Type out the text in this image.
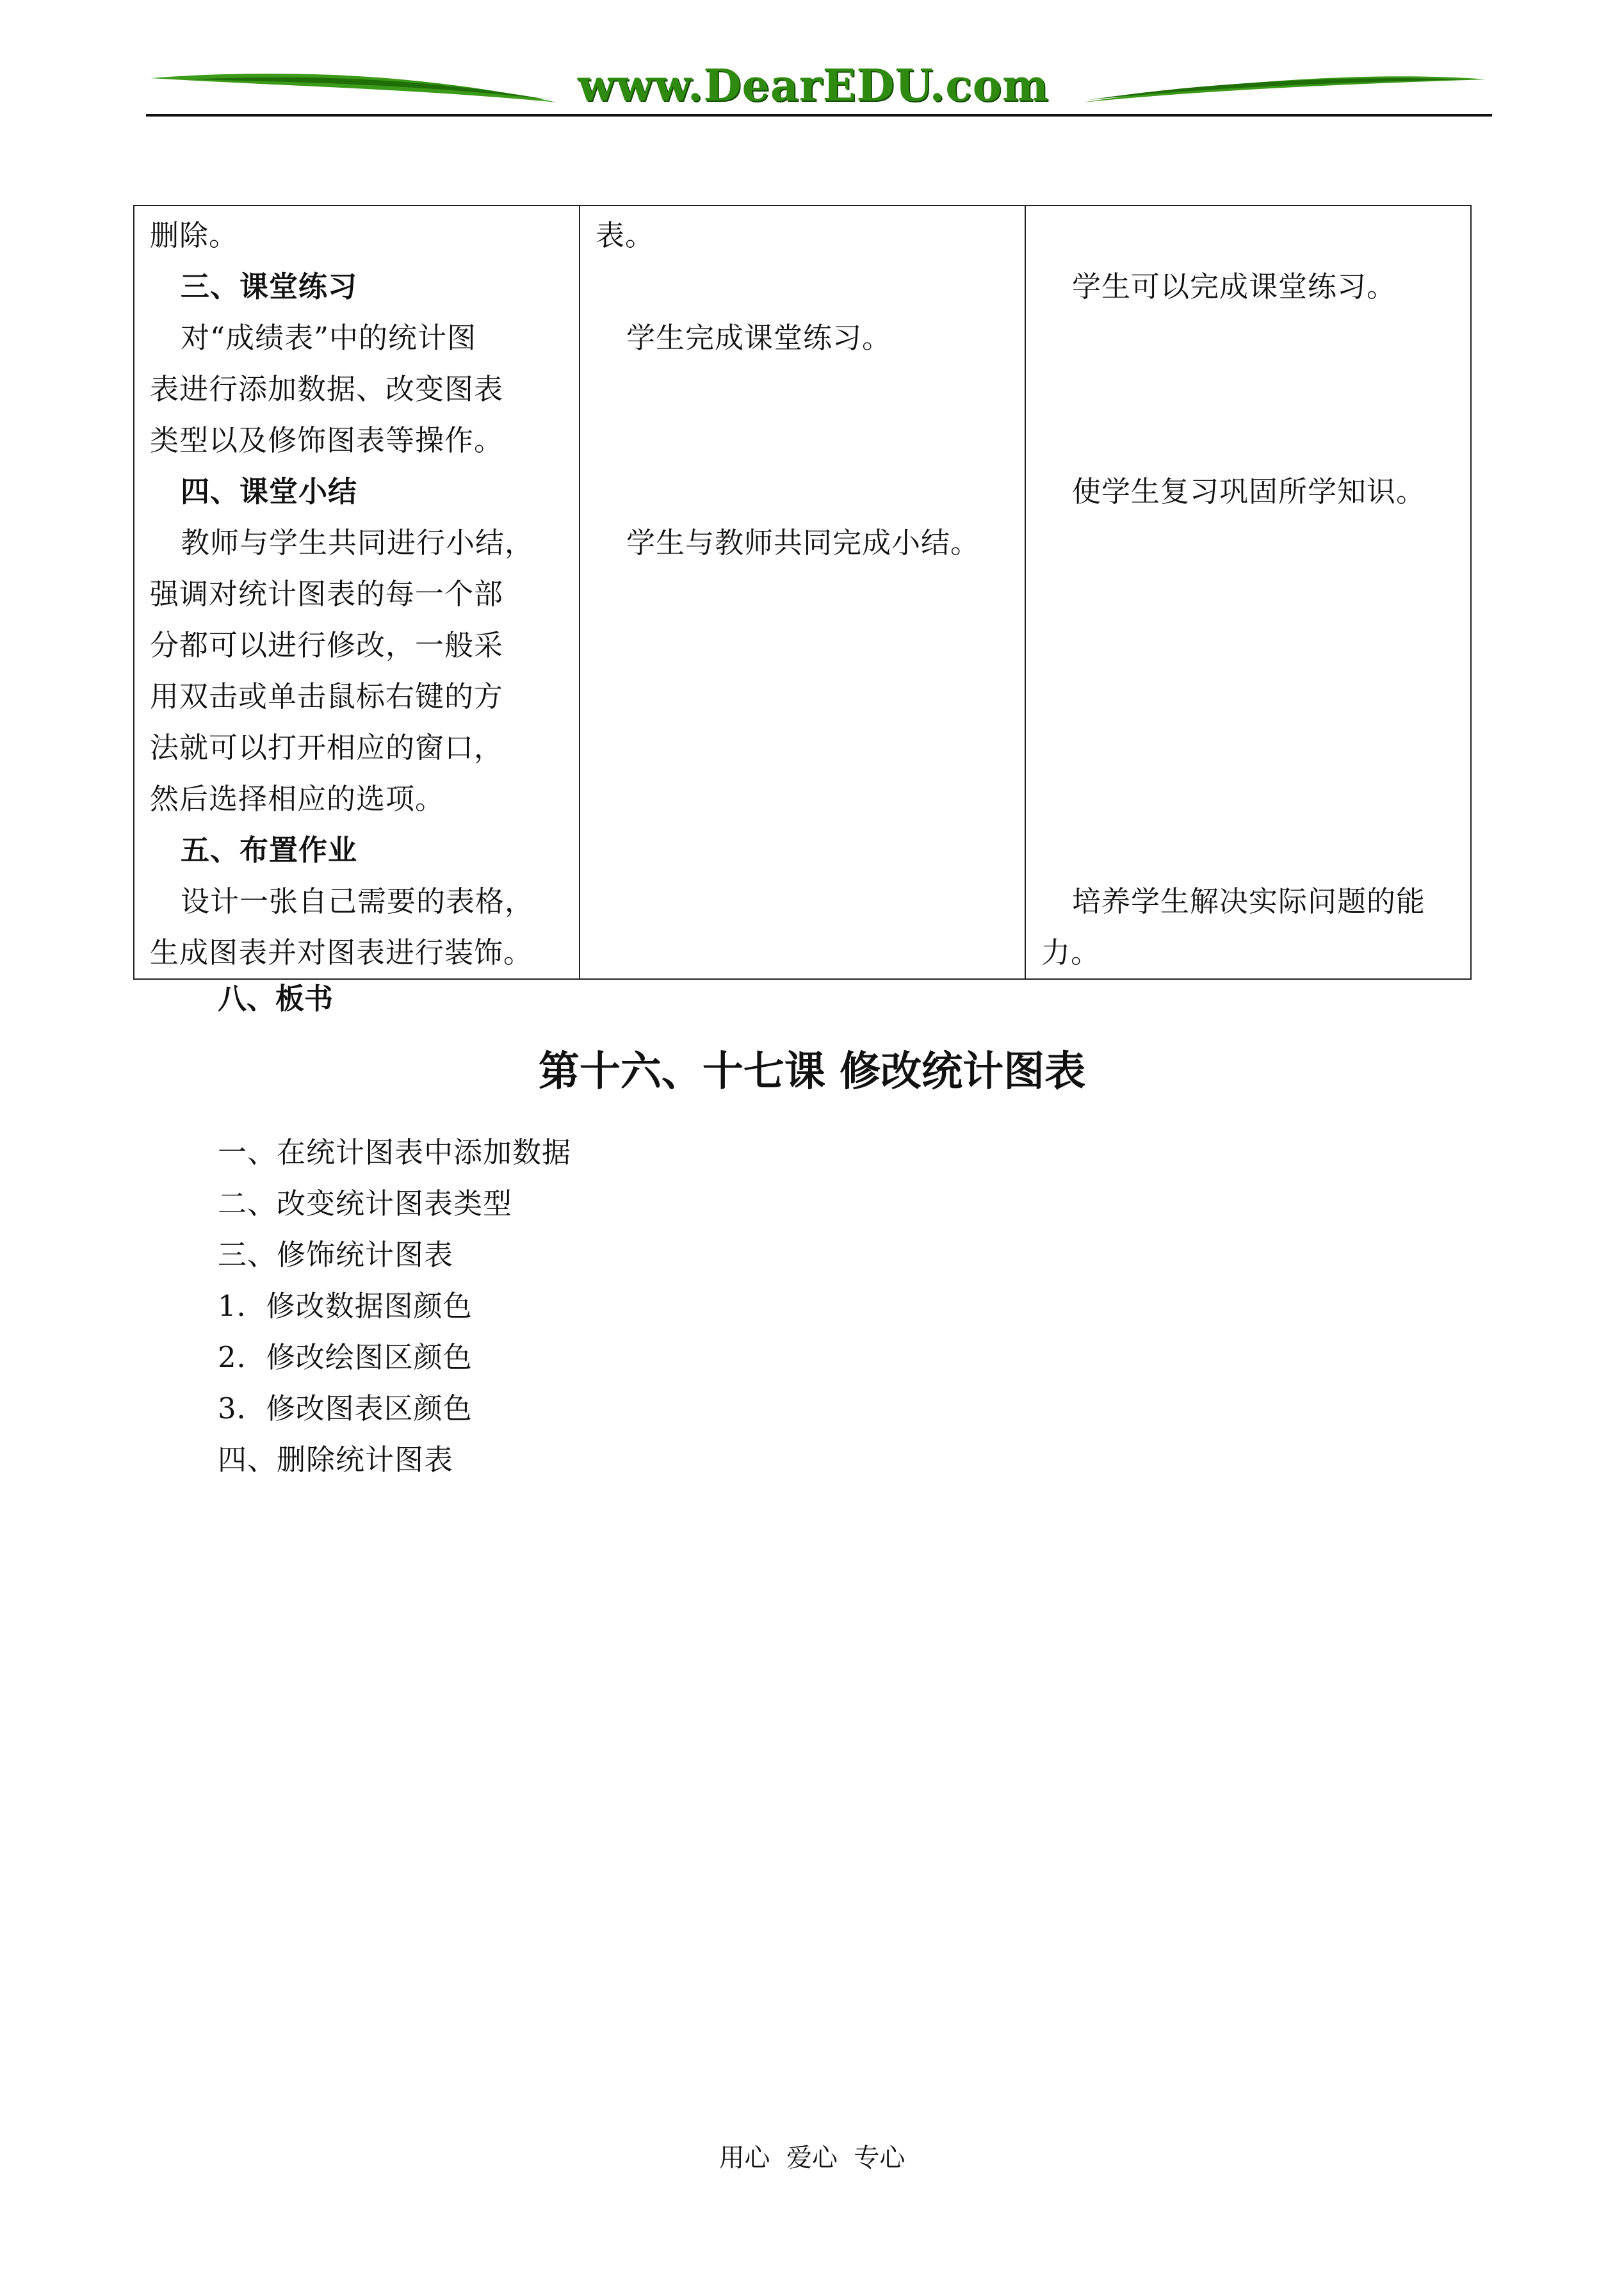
www.DearEDU.com
删除。
三、课堂练习
对“成绩表”中的统计图
表进行添加数据、改变图表
类型以及修饰图表等操作。
四、课堂小结
教师与学生共同进行小结，
强调对统计图表的每一个部
分都可以进行修改，一般采
用双击或单击鼠标右键的方
法就可以打开相应的窗口，
然后选择相应的选项。
五、布置作业
设计一张自己需要的表格，
生成图表并对图表进行装饰。

表。
学生完成课堂练习。
学生与教师共同完成小结。

学生可以完成课堂练习。
使学生复习巩固所学知识。
培养学生解决实际问题的能
力。
八、板书
第十六、十七课 修改统计图表
一、在统计图表中添加数据
二、改变统计图表类型
三、修饰统计图表
1．修改数据图颜色
2．修改绘图区颜色
3．修改图表区颜色
四、删除统计图表
用心  爱心  专心
